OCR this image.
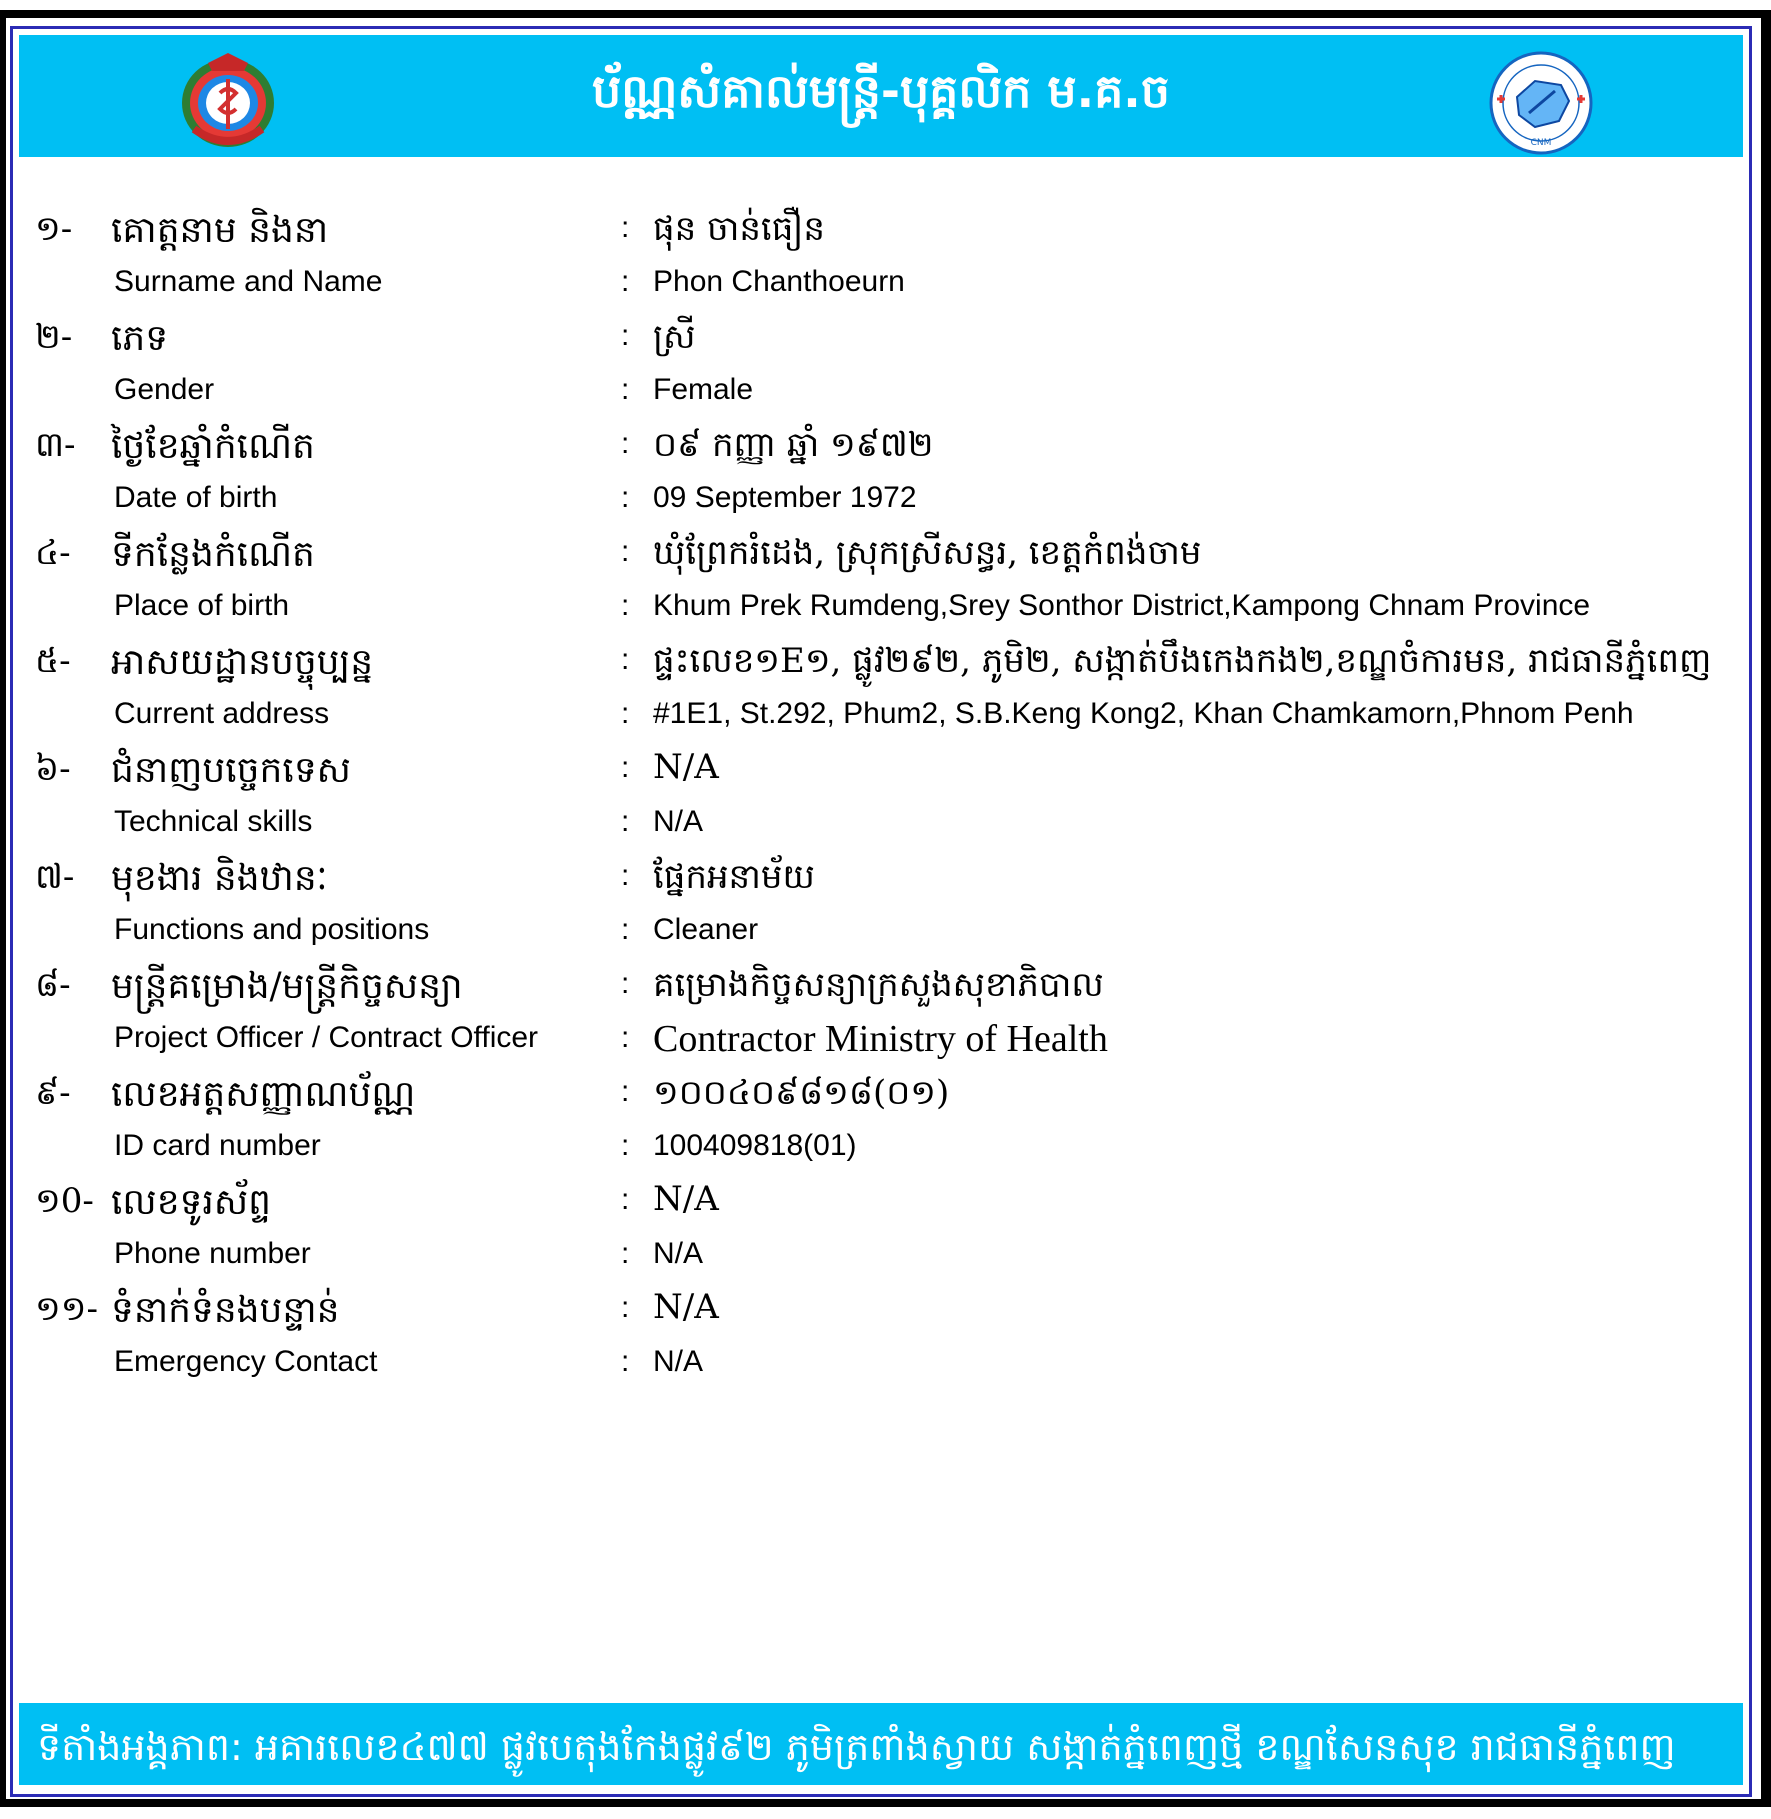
ប័ណ្ណសំគាល់មន្ត្រី-បុគ្គលិក ម.គ.ច
CNM
១- គោត្តនាម និងនា	: ផុន ចាន់ធឿន
Surname and Name	: Phon Chanthoeurn
២- ភេទ	: ស្រី
Gender	: Female
៣- ថ្ងៃខែឆ្នាំកំណើត	: ០៩ កញ្ញា ឆ្នាំ ១៩៧២
Date of birth	: 09 September 1972
៤- ទីកន្លែងកំណើត	: ឃុំព្រែករំដេង, ស្រុកស្រីសន្ធរ, ខេត្តកំពង់ចាម
Place of birth	: Khum Prek Rumdeng,Srey Sonthor District,Kampong Chnam Province
៥- អាសយដ្ឋានបច្ចុប្បន្ន	: ផ្ទះលេខ១E១, ផ្លូវ២៩២, ភូមិ២, សង្កាត់បឹងកេងកង២,ខណ្ឌចំការមន, រាជធានីភ្នំពេញ
Current address	: #1E1, St.292, Phum2, S.B.Keng Kong2, Khan Chamkamorn,Phnom Penh
៦- ជំនាញបច្ចេកទេស	: N/A
Technical skills	: N/A
៧- មុខងារ និងឋានៈ	: ផ្នែកអនាម័យ
Functions and positions	: Cleaner
៨- មន្ត្រីគម្រោង/មន្ត្រីកិច្ចសន្យា	: គម្រោងកិច្ចសន្យាក្រសួងសុខាភិបាល
Project Officer / Contract Officer	: Contractor Ministry of Health
៩- លេខអត្តសញ្ញាណប័ណ្ណ	: ១០០៤០៩៨១៨(០១)
ID card number	: 100409818(01)
១0- លេខទូរស័ព្ទ	: N/A
Phone number	: N/A
១១- ទំនាក់ទំនងបន្ទាន់	: N/A
Emergency Contact	: N/A
ទីតាំងអង្គភាព: អគារលេខ៤៧៧ ផ្លូវបេតុងកែងផ្លូវ៩២ ភូមិត្រពាំងស្វាយ សង្កាត់ភ្នំពេញថ្មី ខណ្ឌសែនសុខ រាជធានីភ្នំពេញ
